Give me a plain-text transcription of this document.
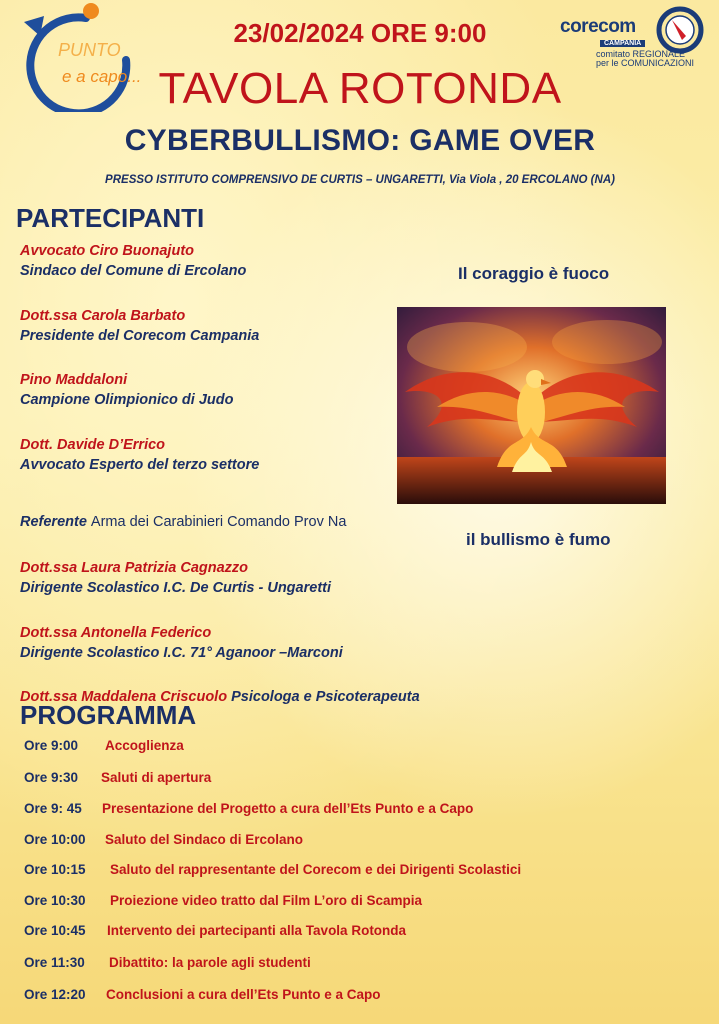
PUNTO
e a capo...
corecom
CAMPANIA
comitato REGIONALE
per le COMUNICAZIONI
23/02/2024 ORE 9:00
TAVOLA ROTONDA
CYBERBULLISMO: GAME OVER
PRESSO ISTITUTO COMPRENSIVO DE CURTIS – UNGARETTI, Via Viola , 20 ERCOLANO (NA)
PARTECIPANTI
Avvocato Ciro Buonajuto
Sindaco del Comune di Ercolano
Dott.ssa Carola Barbato
Presidente del Corecom Campania
Pino Maddaloni
Campione Olimpionico di Judo
Dott. Davide D’Errico
Avvocato Esperto del terzo settore
Referente Arma dei Carabinieri Comando Prov Na
Dott.ssa Laura Patrizia Cagnazzo
Dirigente Scolastico I.C. De Curtis - Ungaretti
Dott.ssa Antonella Federico
Dirigente Scolastico I.C. 71° Aganoor –Marconi
Dott.ssa Maddalena Criscuolo Psicologa e Psicoterapeuta
Il coraggio è fuoco
il bullismo è fumo
PROGRAMMA
Ore 9:00 Accoglienza
Ore 9:30 Saluti di apertura
Ore 9: 45 Presentazione del Progetto a cura dell’Ets Punto e a Capo
Ore 10:00 Saluto del Sindaco di Ercolano
Ore 10:15 Saluto del rappresentante del Corecom e dei Dirigenti Scolastici
Ore 10:30 Proiezione video tratto dal Film L’oro di Scampia
Ore 10:45 Intervento dei partecipanti alla Tavola Rotonda
Ore 11:30 Dibattito: la parole agli studenti
Ore 12:20 Conclusioni a cura dell’Ets Punto e a Capo
